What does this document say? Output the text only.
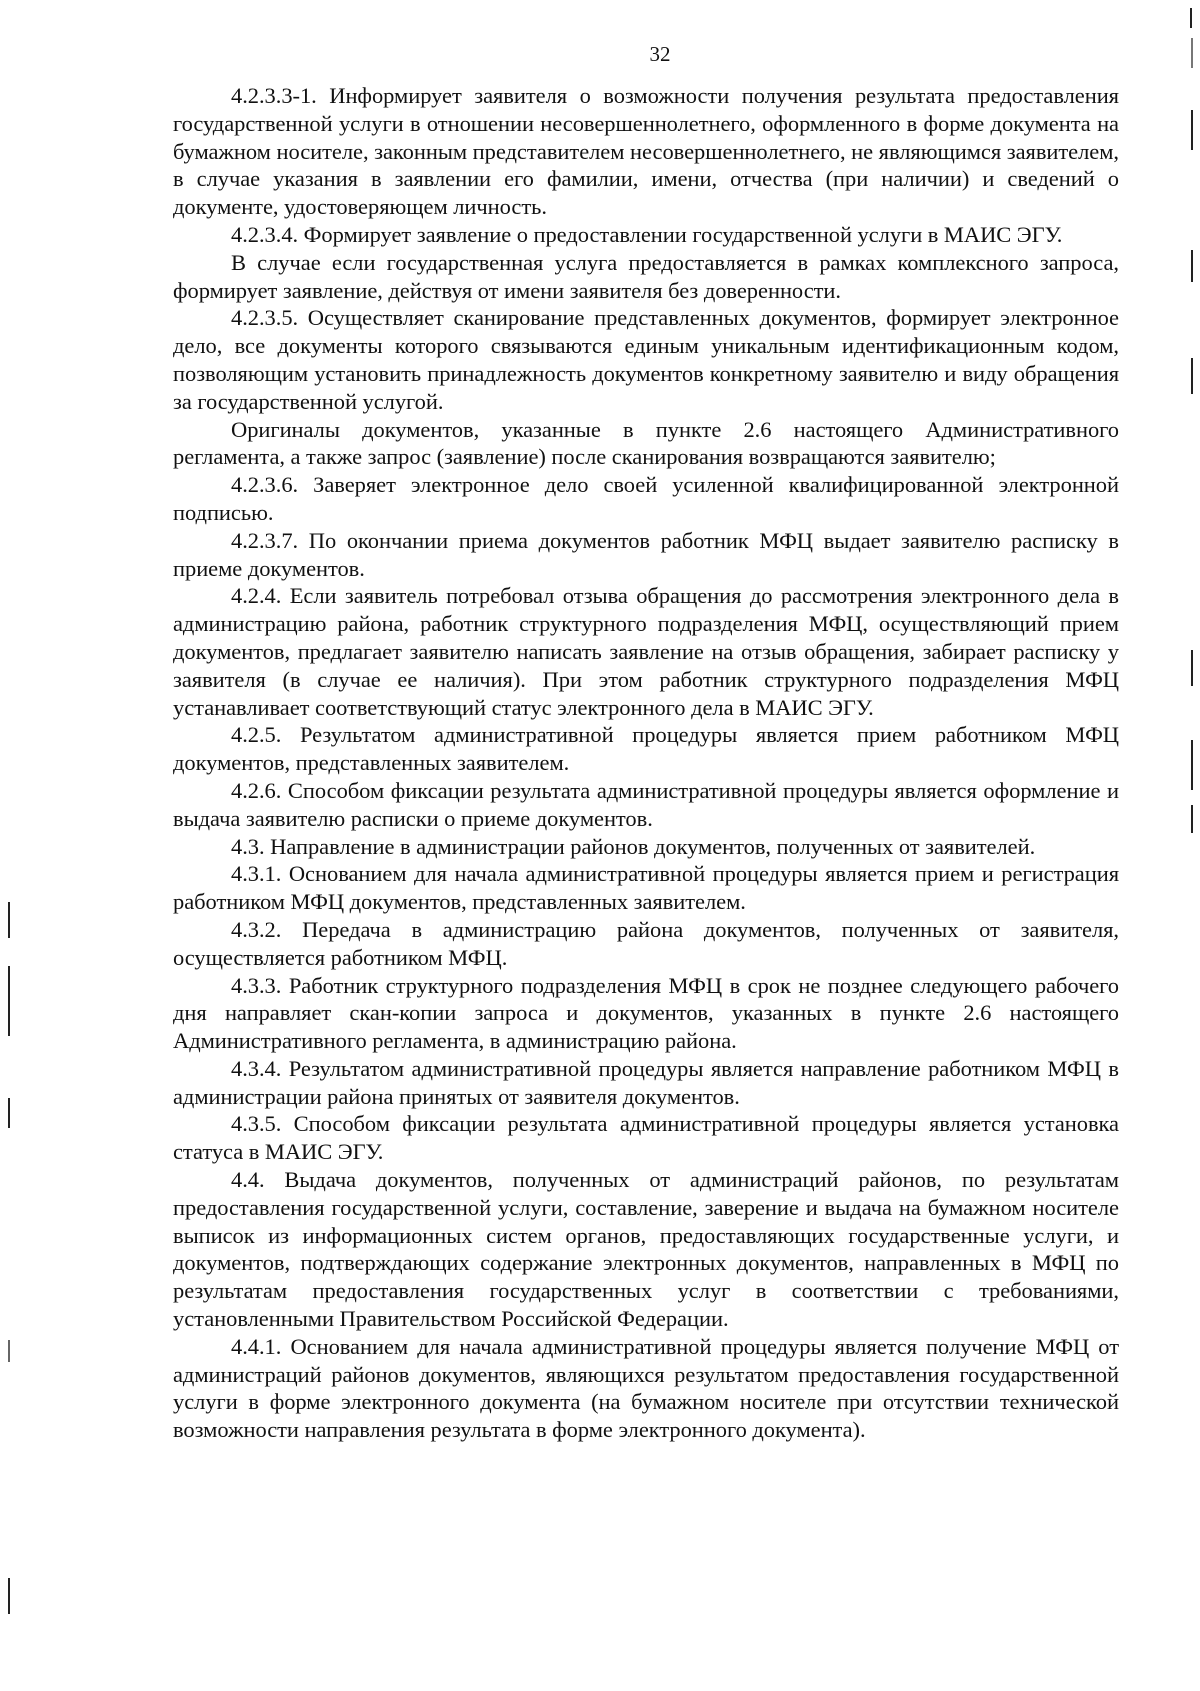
32

4.2.3.3-1. Информирует заявителя о возможности получения результата предоставления государственной услуги в отношении несовершеннолетнего, оформленного в форме документа на бумажном носителе, законным представителем несовершеннолетнего, не являющимся заявителем, в случае указания в заявлении его фамилии, имени, отчества (при наличии) и сведений о документе, удостоверяющем личность.

4.2.3.4. Формирует заявление о предоставлении государственной услуги в МАИС ЭГУ.

В случае если государственная услуга предоставляется в рамках комплексного запроса, формирует заявление, действуя от имени заявителя без доверенности.

4.2.3.5. Осуществляет сканирование представленных документов, формирует электронное дело, все документы которого связываются единым уникальным идентификационным кодом, позволяющим установить принадлежность документов конкретному заявителю и виду обращения за государственной услугой.

Оригиналы документов, указанные в пункте 2.6 настоящего Административного регламента, а также запрос (заявление) после сканирования возвращаются заявителю;

4.2.3.6. Заверяет электронное дело своей усиленной квалифицированной электронной подписью.

4.2.3.7. По окончании приема документов работник МФЦ выдает заявителю расписку в приеме документов.

4.2.4. Если заявитель потребовал отзыва обращения до рассмотрения электронного дела в администрацию района, работник структурного подразделения МФЦ, осуществляющий прием документов, предлагает заявителю написать заявление на отзыв обращения, забирает расписку у заявителя (в случае ее наличия). При этом работник структурного подразделения МФЦ устанавливает соответствующий статус электронного дела в МАИС ЭГУ.

4.2.5. Результатом административной процедуры является прием работником МФЦ документов, представленных заявителем.

4.2.6. Способом фиксации результата административной процедуры является оформление и выдача заявителю расписки о приеме документов.

4.3. Направление в администрации районов документов, полученных от заявителей.

4.3.1. Основанием для начала административной процедуры является прием и регистрация работником МФЦ документов, представленных заявителем.

4.3.2. Передача в администрацию района документов, полученных от заявителя, осуществляется работником МФЦ.

4.3.3. Работник структурного подразделения МФЦ в срок не позднее следующего рабочего дня направляет скан-копии запроса и документов, указанных в пункте 2.6 настоящего Административного регламента, в администрацию района.

4.3.4. Результатом административной процедуры является направление работником МФЦ в администрации района принятых от заявителя документов.

4.3.5. Способом фиксации результата административной процедуры является установка статуса в МАИС ЭГУ.

4.4. Выдача документов, полученных от администраций районов, по результатам предоставления государственной услуги, составление, заверение и выдача на бумажном носителе выписок из информационных систем органов, предоставляющих государственные услуги, и документов, подтверждающих содержание электронных документов, направленных в МФЦ по результатам предоставления государственных услуг в соответствии с требованиями, установленными Правительством Российской Федерации.

4.4.1. Основанием для начала административной процедуры является получение МФЦ от администраций районов документов, являющихся результатом предоставления государственной услуги в форме электронного документа (на бумажном носителе при отсутствии технической возможности направления результата в форме электронного документа).
